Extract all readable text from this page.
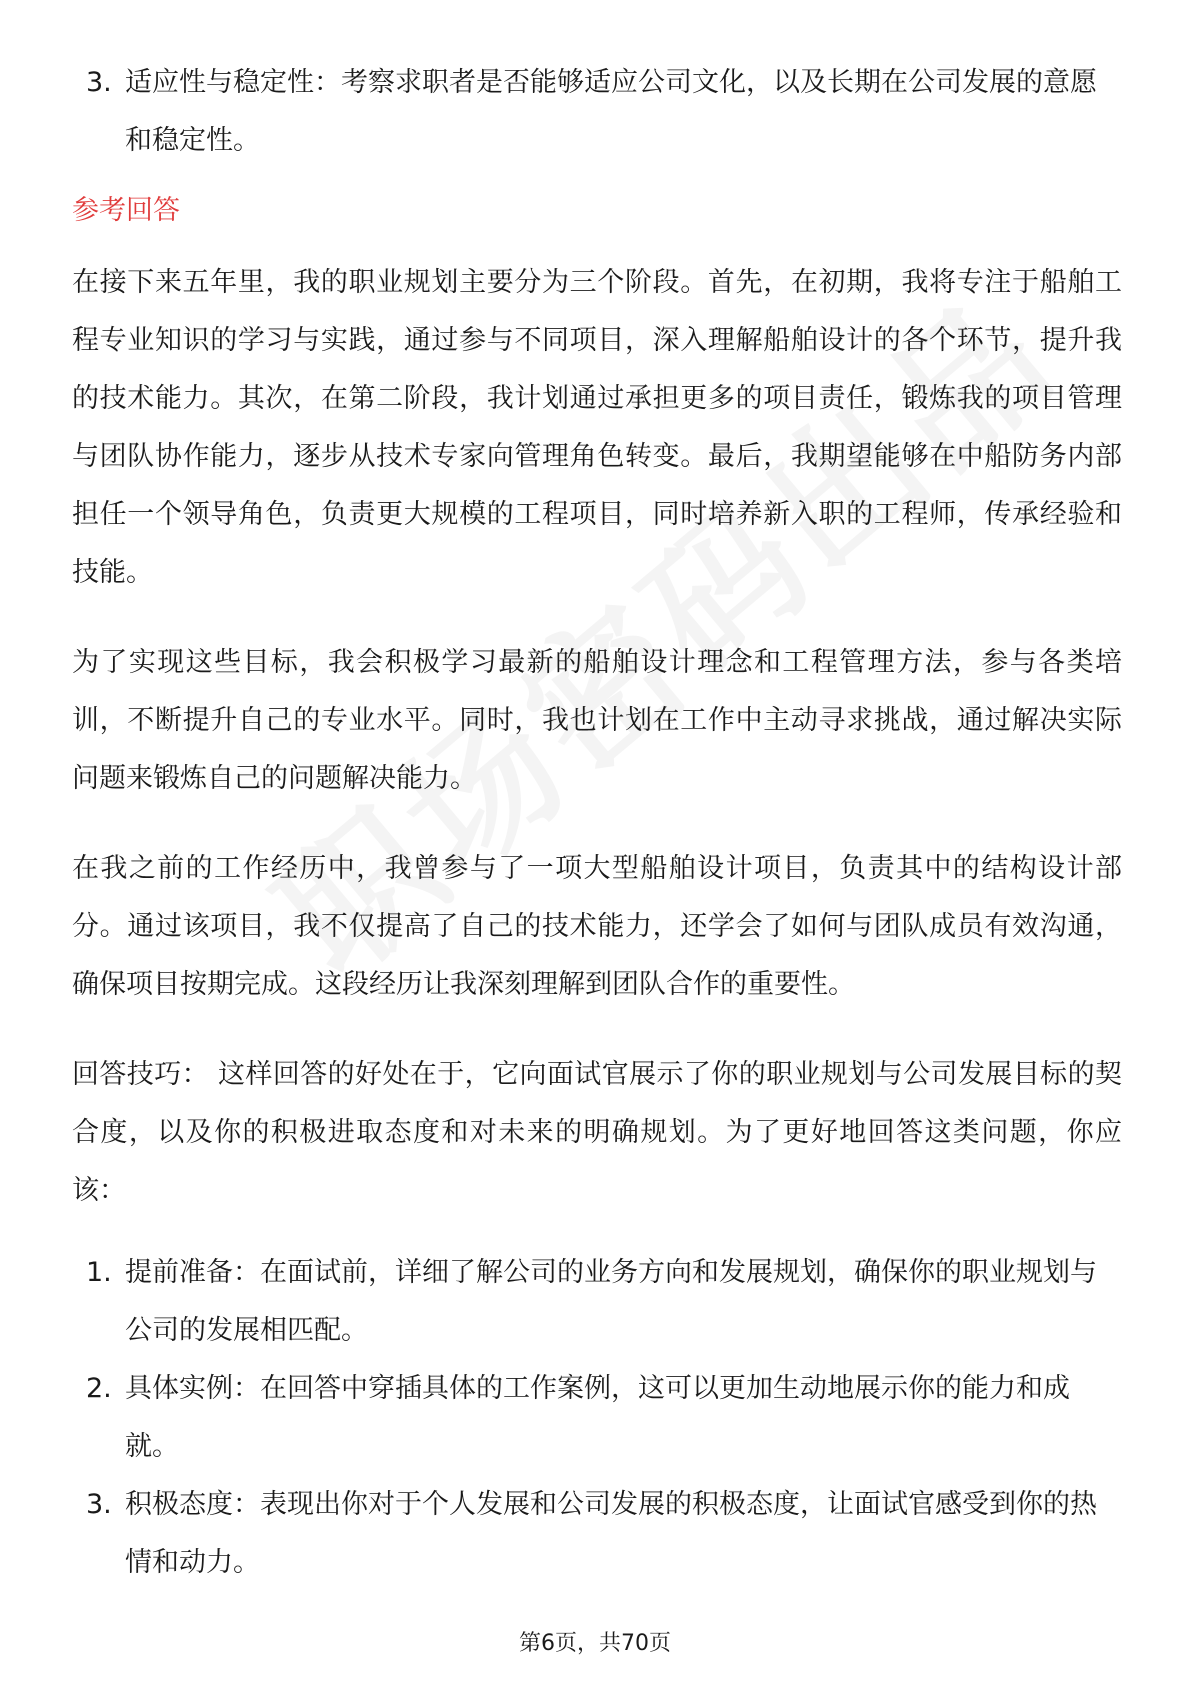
3. 适应性与稳定性：考察求职者是否能够适应公司文化，以及长期在公司发展的意愿和稳定性。
参考回答

在接下来五年里，我的职业规划主要分为三个阶段。首先，在初期，我将专注于船舶工程专业知识的学习与实践，通过参与不同项目，深入理解船舶设计的各个环节，提升我的技术能力。其次，在第二阶段，我计划通过承担更多的项目责任，锻炼我的项目管理与团队协作能力，逐步从技术专家向管理角色转变。最后，我期望能够在中船防务内部担任一个领导角色，负责更大规模的工程项目，同时培养新入职的工程师，传承经验和技能。

为了实现这些目标，我会积极学习最新的船舶设计理念和工程管理方法，参与各类培训，不断提升自己的专业水平。同时，我也计划在工作中主动寻求挑战，通过解决实际问题来锻炼自己的问题解决能力。

在我之前的工作经历中，我曾参与了一项大型船舶设计项目，负责其中的结构设计部分。通过该项目，我不仅提高了自己的技术能力，还学会了如何与团队成员有效沟通，确保项目按期完成。这段经历让我深刻理解到团队合作的重要性。

回答技巧： 这样回答的好处在于，它向面试官展示了你的职业规划与公司发展目标的契合度，以及你的积极进取态度和对未来的明确规划。为了更好地回答这类问题，你应该：

1. 提前准备：在面试前，详细了解公司的业务方向和发展规划，确保你的职业规划与公司的发展相匹配。
2. 具体实例：在回答中穿插具体的工作案例，这可以更加生动地展示你的能力和成就。
3. 积极态度：表现出你对于个人发展和公司发展的积极态度，让面试官感受到你的热情和动力。
第6页，共70页
